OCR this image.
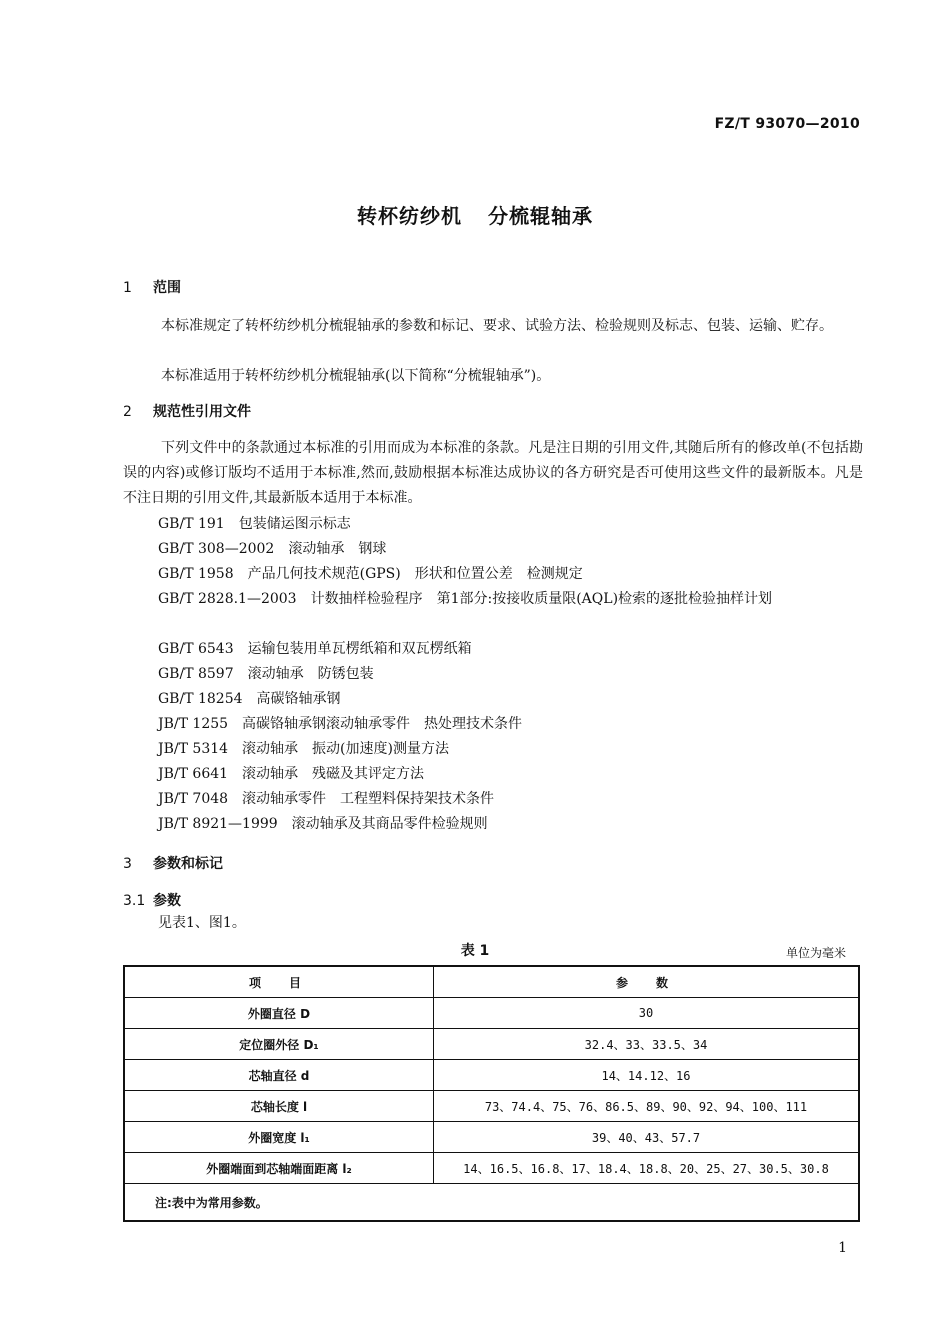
FZ/T 93070—2010
转杯纺纱机 分梳辊轴承
1 范围
本标准规定了转杯纺纱机分梳辊轴承的参数和标记、要求、试验方法、检验规则及标志、包装、运输、贮存。
本标准适用于转杯纺纱机分梳辊轴承(以下简称“分梳辊轴承”)。
2 规范性引用文件
下列文件中的条款通过本标准的引用而成为本标准的条款。凡是注日期的引用文件,其随后所有的修改单(不包括勘误的内容)或修订版均不适用于本标准,然而,鼓励根据本标准达成协议的各方研究是否可使用这些文件的最新版本。凡是不注日期的引用文件,其最新版本适用于本标准。
GB/T 191 包装储运图示标志
GB/T 308—2002 滚动轴承　钢球
GB/T 1958 产品几何技术规范(GPS)　形状和位置公差　检测规定
GB/T 2828.1—2003 计数抽样检验程序　第1部分:按接收质量限(AQL)检索的逐批检验抽样计划
GB/T 6543 运输包装用单瓦楞纸箱和双瓦楞纸箱
GB/T 8597 滚动轴承　防锈包装
GB/T 18254 高碳铬轴承钢
JB/T 1255 高碳铬轴承钢滚动轴承零件　热处理技术条件
JB/T 5314 滚动轴承　振动(加速度)测量方法
JB/T 6641 滚动轴承　残磁及其评定方法
JB/T 7048 滚动轴承零件　工程塑料保持架技术条件
JB/T 8921—1999 滚动轴承及其商品零件检验规则
3 参数和标记
3.1 参数
见表1、图1。
表 1	单位为毫米
项　目	参　数
外圈直径 D	30
定位圈外径 D₁	32.4、33、33.5、34
芯轴直径 d	14、14.12、16
芯轴长度 l	73、74.4、75、76、86.5、89、90、92、94、100、111
外圈宽度 l₁	39、40、43、57.7
外圈端面到芯轴端面距离 l₂	14、16.5、16.8、17、18.4、18.8、20、25、27、30.5、30.8
注:表中为常用参数。	
1
